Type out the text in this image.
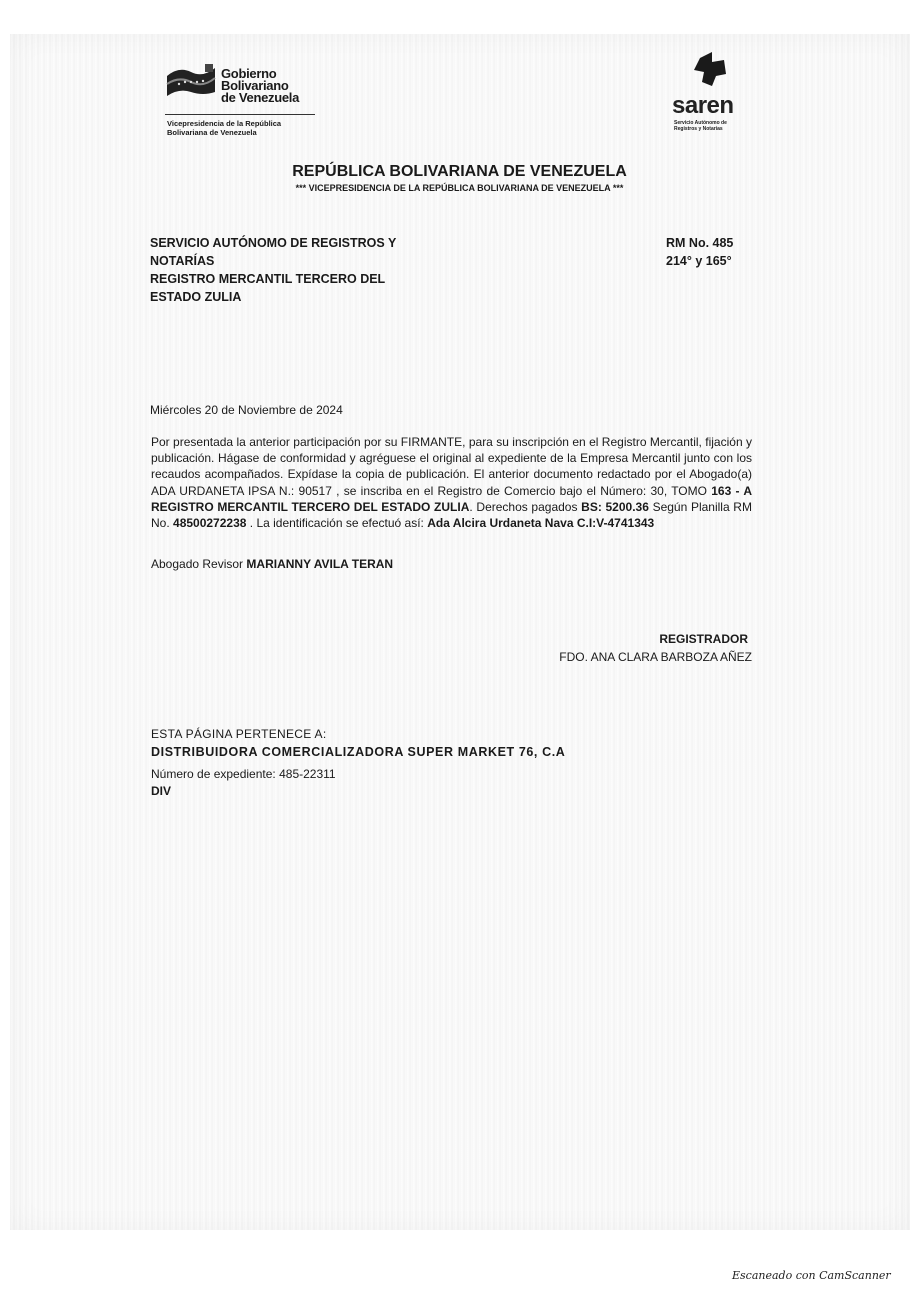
Gobierno
Bolivariano
de Venezuela
Vicepresidencia de la República
Bolivariana de Venezuela
saren
Servicio Autónomo de Registros y Notarías
REPÚBLICA BOLIVARIANA DE VENEZUELA
*** VICEPRESIDENCIA DE LA REPÚBLICA BOLIVARIANA DE VENEZUELA ***
SERVICIO AUTÓNOMO DE REGISTROS Y
NOTARÍAS
REGISTRO MERCANTIL TERCERO DEL
ESTADO ZULIA
RM No. 485
214° y 165°
Miércoles 20 de Noviembre de 2024
Por presentada la anterior participación por su FIRMANTE, para su inscripción en el Registro Mercantil, fijación y publicación. Hágase de conformidad y agréguese el original al expediente de la Empresa Mercantil junto con los recaudos acompañados. Expídase la copia de publicación. El anterior documento redactado por el Abogado(a) ADA URDANETA IPSA N.: 90517 , se inscriba en el Registro de Comercio bajo el Número: 30, TOMO 163 - A REGISTRO MERCANTIL TERCERO DEL ESTADO ZULIA. Derechos pagados BS: 5200.36 Según Planilla RM No. 48500272238 . La identificación se efectuó así: Ada Alcira Urdaneta Nava C.I:V-4741343
Abogado Revisor MARIANNY AVILA TERAN
REGISTRADOR
FDO. ANA CLARA BARBOZA AÑEZ
ESTA PÁGINA PERTENECE A:
DISTRIBUIDORA COMERCIALIZADORA SUPER MARKET 76, C.A
Número de expediente: 485-22311
DIV
Escaneado con CamScanner
